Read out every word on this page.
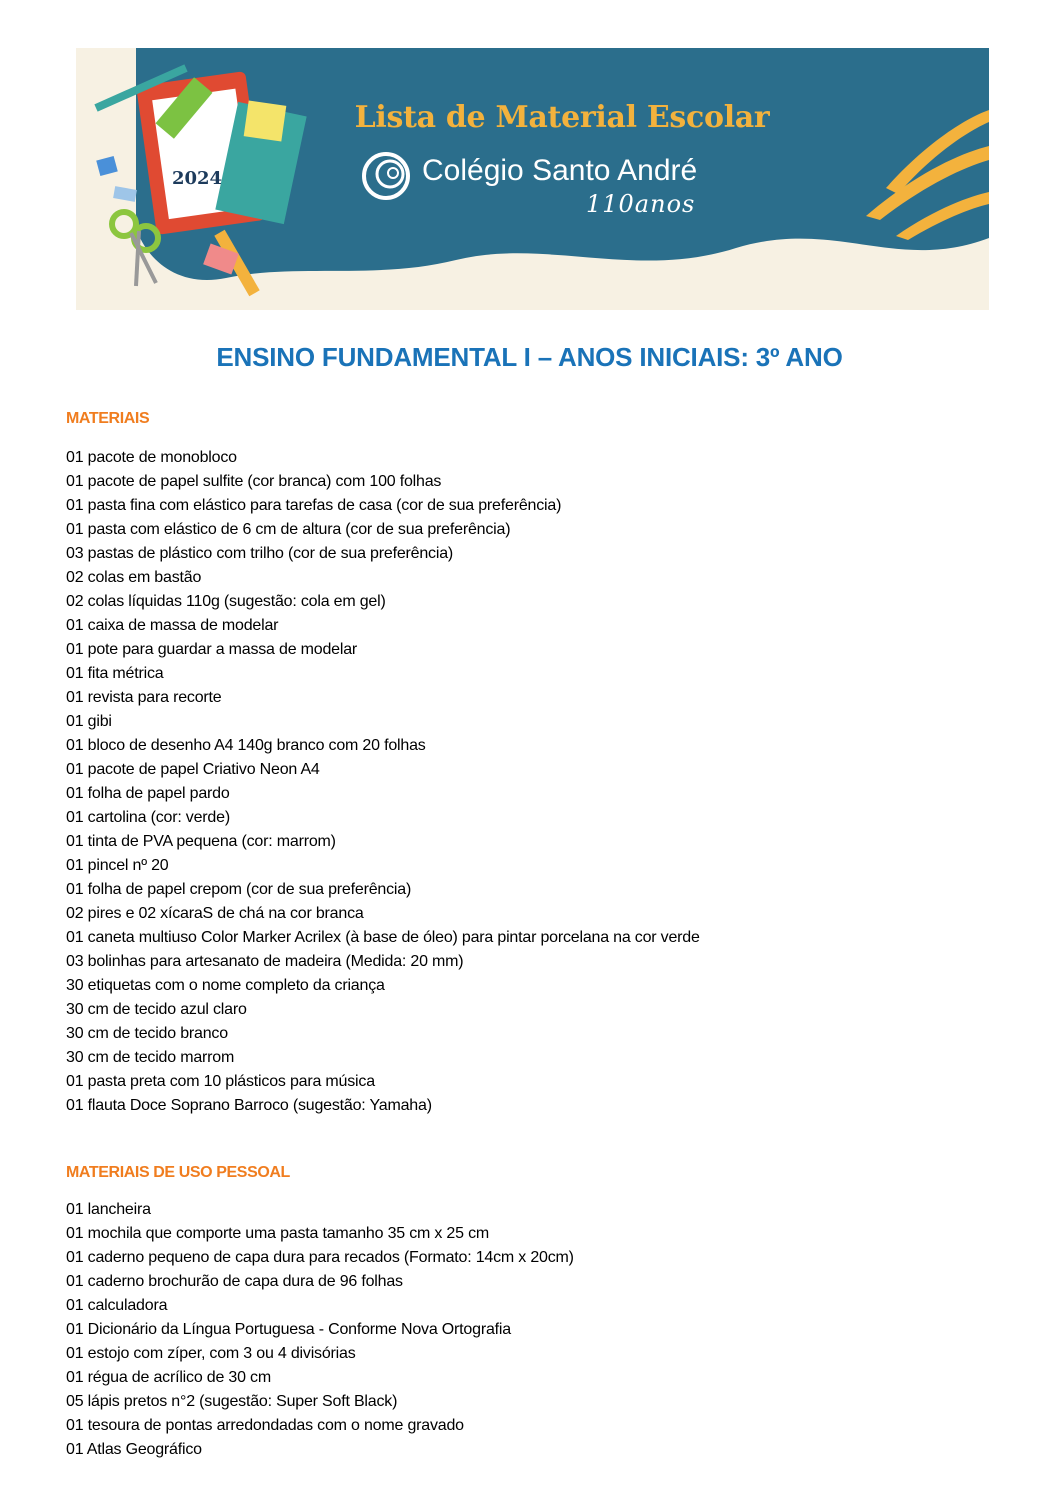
2024
Lista de Material Escolar
Colégio Santo André
110anos
ENSINO FUNDAMENTAL I – ANOS INICIAIS: 3º ANO
MATERIAIS
01 pacote de monobloco
01 pacote de papel sulfite (cor branca) com 100 folhas
01 pasta fina com elástico para tarefas de casa (cor de sua preferência)
01 pasta com elástico de 6 cm de altura (cor de sua preferência)
03 pastas de plástico com trilho (cor de sua preferência)
02 colas em bastão
02 colas líquidas 110g (sugestão: cola em gel)
01 caixa de massa de modelar
01 pote para guardar a massa de modelar
01 fita métrica
01 revista para recorte
01 gibi
01 bloco de desenho A4 140g branco com 20 folhas
01 pacote de papel Criativo Neon A4
01 folha de papel pardo
01 cartolina (cor: verde)
01 tinta de PVA pequena (cor: marrom)
01 pincel nº 20
01 folha de papel crepom (cor de sua preferência)
02 pires e 02 xícaraS de chá na cor branca
01 caneta multiuso Color Marker Acrilex (à base de óleo) para pintar porcelana na cor verde
03 bolinhas para artesanato de madeira (Medida: 20 mm)
30 etiquetas com o nome completo da criança
30 cm de tecido azul claro
30 cm de tecido branco
30 cm de tecido marrom
01 pasta preta com 10 plásticos para música
01 flauta Doce Soprano Barroco (sugestão: Yamaha)
MATERIAIS DE USO PESSOAL
01 lancheira
01 mochila que comporte uma pasta tamanho 35 cm x 25 cm
01 caderno pequeno de capa dura para recados (Formato: 14cm x 20cm)
01 caderno brochurão de capa dura de 96 folhas
01 calculadora
01 Dicionário da Língua Portuguesa - Conforme Nova Ortografia
01 estojo com zíper, com 3 ou 4 divisórias
01 régua de acrílico de 30 cm
05 lápis pretos n°2 (sugestão: Super Soft Black)
01 tesoura de pontas arredondadas com o nome gravado
01 Atlas Geográfico
